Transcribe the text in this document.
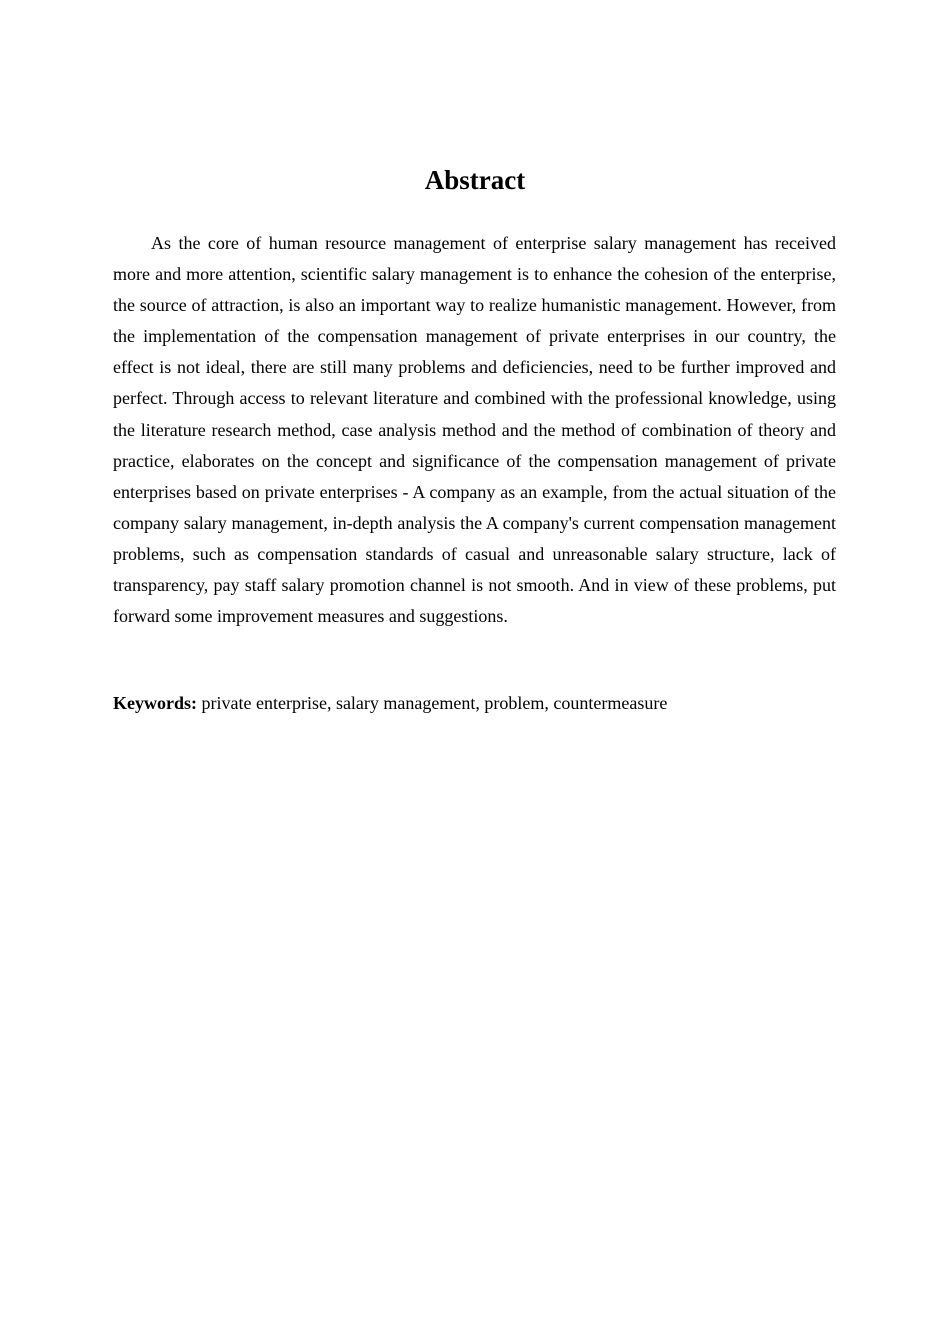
Abstract

As the core of human resource management of enterprise salary management has received more and more attention, scientific salary management is to enhance the cohesion of the enterprise, the source of attraction, is also an important way to realize humanistic management. However, from the implementation of the compensation management of private enterprises in our country, the effect is not ideal, there are still many problems and deficiencies, need to be further improved and perfect. Through access to relevant literature and combined with the professional knowledge, using the literature research method, case analysis method and the method of combination of theory and practice, elaborates on the concept and significance of the compensation management of private enterprises based on private enterprises - A company as an example, from the actual situation of the company salary management, in-depth analysis the A company's current compensation management problems, such as compensation standards of casual and unreasonable salary structure, lack of transparency, pay staff salary promotion channel is not smooth. And in view of these problems, put forward some improvement measures and suggestions.

Keywords: private enterprise, salary management, problem, countermeasure
